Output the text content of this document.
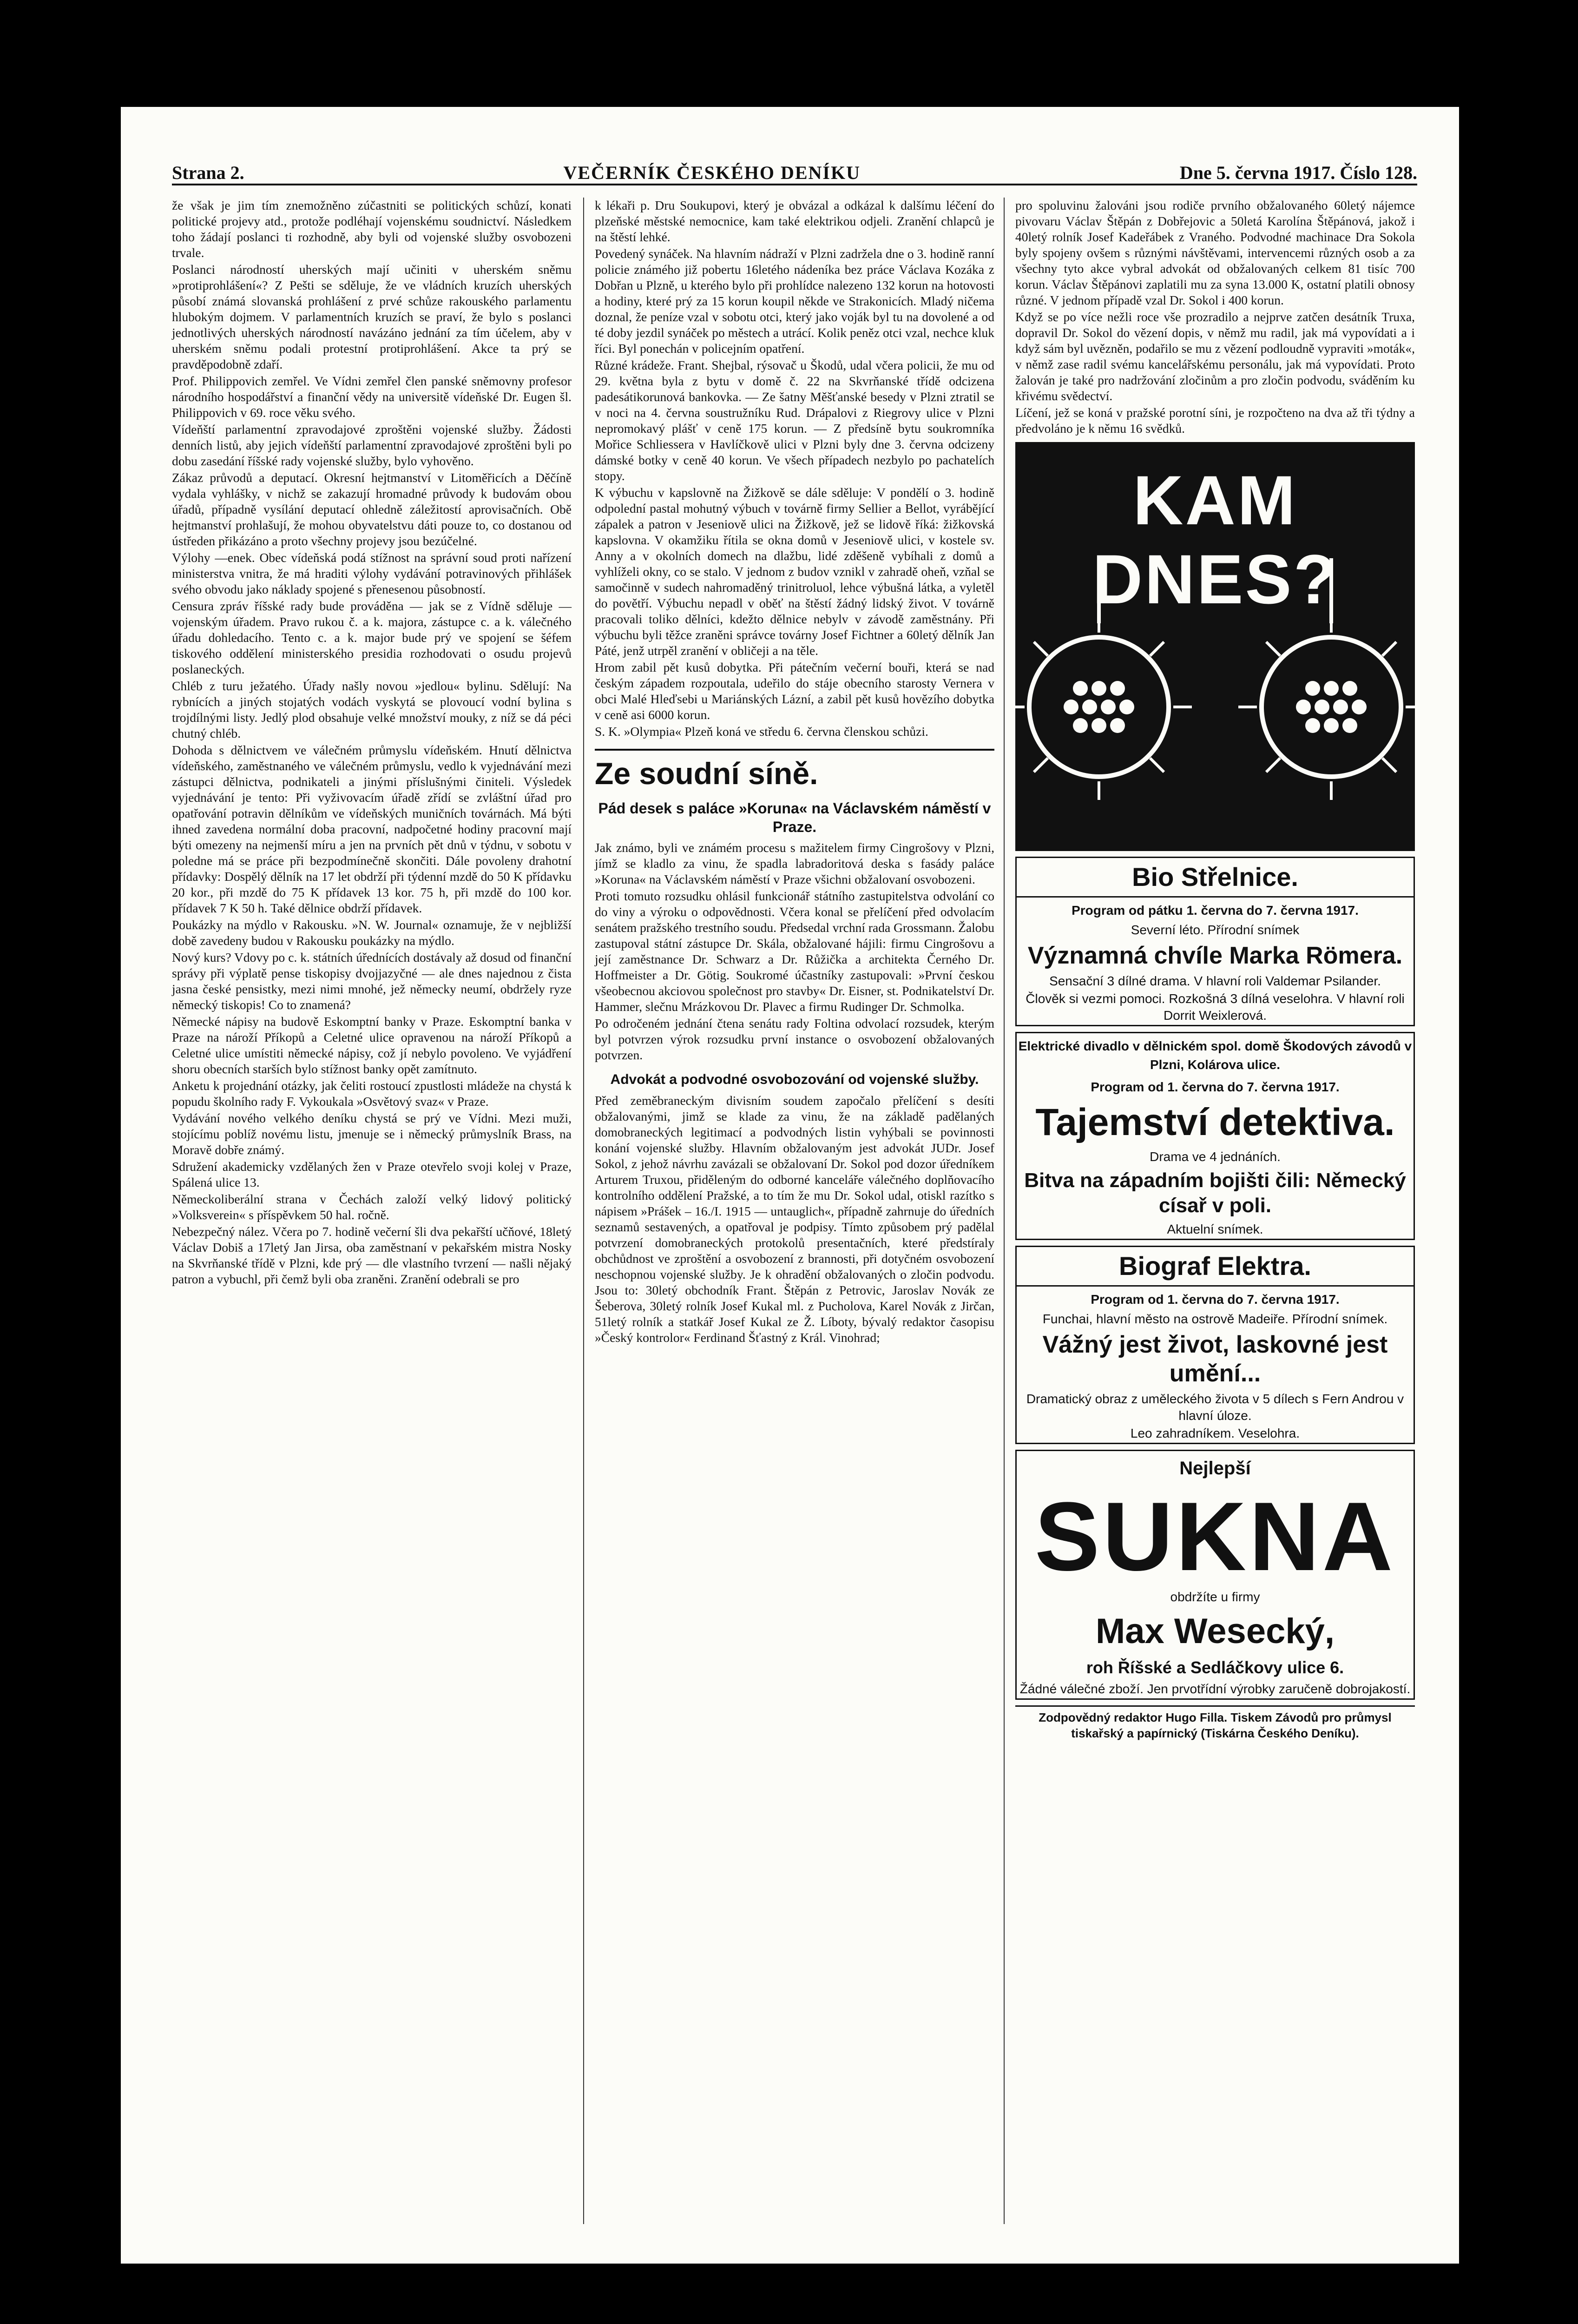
Strana 2.	VEČERNÍK ČESKÉHO DENÍKU	Dne 5. června 1917. Číslo 128.

že však je jim tím znemožněno zúčastniti se politických schůzí, konati politické projevy atd., protože podléhají vojenskému soudnictví. Následkem toho žádají poslanci ti rozhodně, aby byli od vojenské služby osvobozeni trvale.

Poslanci národností uherských mají učiniti v uherském sněmu »protiprohlášení«? Z Pešti se sděluje, že ve vládních kruzích uherských působí známá slovanská prohlášení z prvé schůze rakouského parlamentu hlubokým dojmem. V parlamentních kruzích se praví, že bylo s poslanci jednotlivých uherských národností navázáno jednání za tím účelem, aby v uherském sněmu podali protestní protiprohlášení. Akce ta prý se pravděpodobně zdaří.

Prof. Philippovich zemřel. Ve Vídni zemřel člen panské sněmovny profesor národního hospodářství a finanční vědy na universitě vídeňské Dr. Eugen šl. Philippovich v 69. roce věku svého.

Vídeňští parlamentní zpravodajové zproštěni vojenské služby. Žádosti denních listů, aby jejich vídeňští parlamentní zpravodajové zproštěni byli po dobu zasedání říšské rady vojenské služby, bylo vyhověno.

Zákaz průvodů a deputací. Okresní hejtmanství v Litoměřicích a Děčíně vydala vyhlášky, v nichž se zakazují hromadné průvody k budovám obou úřadů, případně vysílání deputací ohledně záležitostí aprovisačních. Obě hejtmanství prohlašují, že mohou obyvatelstvu dáti pouze to, co dostanou od ústředen přikázáno a proto všechny projevy jsou bezúčelné.

Výlohy —enek. Obec vídeňská podá stížnost na správní soud proti nařízení ministerstva vnitra, že má hraditi výlohy vydávání potravinových přihlášek svého obvodu jako náklady spojené s přenesenou působností.

Censura zpráv říšské rady bude prováděna — jak se z Vídně sděluje — vojenským úřadem. Pravo rukou č. a k. majora, zástupce c. a k. válečného úřadu dohledacího. Tento c. a k. major bude prý ve spojení se šéfem tiskového oddělení ministerského presidia rozhodovati o osudu projevů poslaneckých.

Chléb z turu ježatého. Úřady našly novou »jedlou« bylinu. Sdělují: Na rybnících a jiných stojatých vodách vyskytá se plovoucí vodní bylina s trojdílnými listy. Jedlý plod obsahuje velké množství mouky, z níž se dá péci chutný chléb.

Dohoda s dělnictvem ve válečném průmyslu vídeňském. Hnutí dělnictva vídeňského, zaměstnaného ve válečném průmyslu, vedlo k vyjednávání mezi zástupci dělnictva, podnikateli a jinými příslušnými činiteli. Výsledek vyjednávání je tento: Při vyživovacím úřadě zřídí se zvláštní úřad pro opatřování potravin dělníkům ve vídeňských muničních továrnách. Má býti ihned zavedena normální doba pracovní, nadpočetné hodiny pracovní mají býti omezeny na nejmenší míru a jen na prvních pět dnů v týdnu, v sobotu v poledne má se práce při bezpodmínečně skončiti. Dále povoleny drahotní přídavky: Dospělý dělník na 17 let obdrží při týdenní mzdě do 50 K přídavku 20 kor., při mzdě do 75 K přídavek 13 kor. 75 h, při mzdě do 100 kor. přídavek 7 K 50 h. Také dělnice obdrží přídavek.

Poukázky na mýdlo v Rakousku. »N. W. Journal« oznamuje, že v nejbližší době zavedeny budou v Rakousku poukázky na mýdlo.

Nový kurs? Vdovy po c. k. státních úřednících dostávaly až dosud od finanční správy při výplatě pense tiskopisy dvojjazyčné — ale dnes najednou z čista jasna české pensistky, mezi nimi mnohé, jež německy neumí, obdržely ryze německý tiskopis! Co to znamená?

Německé nápisy na budově Eskomptní banky v Praze. Eskomptní banka v Praze na nároží Příkopů a Celetné ulice opravenou na nároží Příkopů a Celetné ulice umístiti německé nápisy, což jí nebylo povoleno. Ve vyjádření shoru obecních starších bylo stížnost banky opět zamítnuto.

Anketu k projednání otázky, jak čeliti rostoucí zpustlosti mládeže na chystá k popudu školního rady F. Vykoukala »Osvětový svaz« v Praze.

Vydávání nového velkého deníku chystá se prý ve Vídni. Mezi muži, stojícímu poblíž novému listu, jmenuje se i německý průmyslník Brass, na Moravě dobře známý.

Sdružení akademicky vzdělaných žen v Praze otevřelo svoji kolej v Praze, Spálená ulice 13.

Německoliberální strana v Čechách založí velký lidový politický »Volksverein« s příspěvkem 50 hal. ročně.

Nebezpečný nález. Včera po 7. hodině večerní šli dva pekařští učňové, 18letý Václav Dobiš a 17letý Jan Jirsa, oba zaměstnaní v pekařském mistra Nosky na Skvrňanské třídě v Plzni, kde prý — dle vlastního tvrzení — našli nějaký patron a vybuchl, při čemž byli oba zraněni. Zranění odebrali se pro

k lékaři p. Dru Soukupovi, který je obvázal a odkázal k dalšímu léčení do plzeňské městské nemocnice, kam také elektrikou odjeli. Zranění chlapců je na štěstí lehké.

Povedený synáček. Na hlavním nádraží v Plzni zadržela dne o 3. hodině ranní policie známého již pobertu 16letého nádeníka bez práce Václava Kozáka z Dobřan u Plzně, u kterého bylo při prohlídce nalezeno 132 korun na hotovosti a hodiny, které prý za 15 korun koupil někde ve Strakonicích. Mladý ničema doznal, že peníze vzal v sobotu otci, který jako voják byl tu na dovolené a od té doby jezdil synáček po městech a utrácí. Kolik peněz otci vzal, nechce kluk říci. Byl ponechán v policejním opatření.

Různé krádeže. Frant. Shejbal, rýsovač u Škodů, udal včera policii, že mu od 29. května byla z bytu v domě č. 22 na Skvrňanské třídě odcizena padesátikorunová bankovka. — Ze šatny Měšťanské besedy v Plzni ztratil se v noci na 4. června soustružníku Rud. Drápalovi z Riegrovy ulice v Plzni nepromokavý plášť v ceně 175 korun. — Z předsíně bytu soukromníka Mořice Schliessera v Havlíčkově ulici v Plzni byly dne 3. června odcizeny dámské botky v ceně 40 korun. Ve všech případech nezbylo po pachatelích stopy.

K výbuchu v kapslovně na Žižkově se dále sděluje: V pondělí o 3. hodině odpolední pastal mohutný výbuch v továrně firmy Sellier a Bellot, vyrábějící zápalek a patron v Jeseniově ulici na Žižkově, jež se lidově říká: žižkovská kapslovna. V okamžiku řítila se okna domů v Jeseniově ulici, v kostele sv. Anny a v okolních domech na dlažbu, lidé zděšeně vybíhali z domů a vyhlíželi okny, co se stalo. V jednom z budov vznikl v zahradě oheň, vzňal se samočinně v sudech nahromaděný trinitroluol, lehce výbušná látka, a vyletěl do povětří. Výbuchu nepadl v oběť na štěstí žádný lidský život. V továrně pracovali toliko dělníci, kdežto dělnice nebylv v závodě zaměstnány. Při výbuchu byli těžce zraněni správce továrny Josef Fichtner a 60letý dělník Jan Páté, jenž utrpěl zranění v obličeji a na těle.

Hrom zabil pět kusů dobytka. Při pátečním večerní bouři, která se nad českým západem rozpoutala, udeřilo do stáje obecního starosty Vernera v obci Malé Hleďsebi u Mariánských Lázní, a zabil pět kusů hovězího dobytka v ceně asi 6000 korun.

S. K. »Olympia« Plzeň koná ve středu 6. června členskou schůzi.

Ze soudní síně.
Pád desek s paláce »Koruna« na Václavském náměstí v Praze.

Jak známo, byli ve známém procesu s mažitelem firmy Cingrošovy v Plzni, jímž se kladlo za vinu, že spadla labradoritová deska s fasády paláce »Koruna« na Václavském náměstí v Praze všichni obžalovaní osvobozeni.

Proti tomuto rozsudku ohlásil funkcionář státního zastupitelstva odvolání co do viny a výroku o odpovědnosti. Včera konal se přelíčení před odvolacím senátem pražského trestního soudu. Předsedal vrchní rada Grossmann. Žalobu zastupoval státní zástupce Dr. Skála, obžalované hájili: firmu Cingrošovu a její zaměstnance Dr. Schwarz a Dr. Růžička a architekta Černého Dr. Hoffmeister a Dr. Götig. Soukromé účastníky zastupovali: »První českou všeobecnou akciovou společnost pro stavby« Dr. Eisner, st. Podnikatelství Dr. Hammer, slečnu Mrázkovou Dr. Plavec a firmu Rudinger Dr. Schmolka.

Po odročeném jednání čtena senátu rady Foltina odvolací rozsudek, kterým byl potvrzen výrok rozsudku první instance o osvobození obžalovaných potvrzen.

Advokát a podvodné osvobozování od vojenské služby.

Před zeměbraneckým divisním soudem započalo přelíčení s desíti obžalovanými, jimž se klade za vinu, že na základě padělaných domobraneckých legitimací a podvodných listin vyhýbali se povinnosti konání vojenské služby. Hlavním obžalovaným jest advokát JUDr. Josef Sokol, z jehož návrhu zavázali se obžalovaní Dr. Sokol pod dozor úředníkem Arturem Truxou, přiděleným do odborné kanceláře válečného doplňovacího kontrolního oddělení Pražské, a to tím že mu Dr. Sokol udal, otiskl razítko s nápisem »Prášek – 16./I. 1915 — untauglich«, případně zahrnuje do úředních seznamů sestavených, a opatřoval je podpisy. Tímto způsobem prý padělal potvrzení domobraneckých protokolů presentačních, které předstíraly obchůdnost ve zproštění a osvobození z brannosti, při dotyčném osvobození neschopnou vojenské služby. Je k ohradění obžalovaných o zločin podvodu. Jsou to: 30letý obchodník Frant. Štěpán z Petrovic, Jaroslav Novák ze Šeberova, 30letý rolník Josef Kukal ml. z Pucholova, Karel Novák z Jirčan, 51letý rolník a statkář Josef Kukal ze Ž. Líboty, bývalý redaktor časopisu »Český kontrolor« Ferdinand Šťastný z Král. Vinohrad;

pro spoluvinu žalováni jsou rodiče prvního obžalovaného 60letý nájemce pivovaru Václav Štěpán z Dobřejovic a 50letá Karolína Štěpánová, jakož i 40letý rolník Josef Kadeřábek z Vraného. Podvodné machinace Dra Sokola byly spojeny ovšem s různými návštěvami, intervencemi různých osob a za všechny tyto akce vybral advokát od obžalovaných celkem 81 tisíc 700 korun. Václav Štěpánovi zaplatili mu za syna 13.000 K, ostatní platili obnosy různé. V jednom případě vzal Dr. Sokol i 400 korun.

Když se po více nežli roce vše prozradilo a nejprve zatčen desátník Truxa, dopravil Dr. Sokol do vězení dopis, v němž mu radil, jak má vypovídati a i když sám byl uvězněn, podařilo se mu z vězení podloudně vypraviti »moták«, v němž zase radil svému kancelářskému personálu, jak má vypovídati. Proto žalován je také pro nadržování zločinům a pro zločin podvodu, sváděním ku křivému svědectví.

Líčení, jež se koná v pražské porotní síni, je rozpočteno na dva až tři týdny a předvoláno je k němu 16 svědků.

KAM DNES?
Bio Střelnice.
Program od pátku 1. června do 7. června 1917.
Severní léto. Přírodní snímek
Významná chvíle Marka Römera.
Sensační 3 dílné drama. V hlavní roli Valdemar Psilander.
Člověk si vezmi pomoci. Rozkošná 3 dílná veselohra. V hlavní roli Dorrit Weixlerová.
Elektrické divadlo v dělnickém spol. domě Škodových závodů v Plzni, Kolárova ulice.
Program od 1. června do 7. června 1917.
Tajemství detektiva.
Drama ve 4 jednáních.
Bitva na západním bojišti čili: Německý císař v poli.
Aktuelní snímek.
Biograf Elektra.
Program od 1. června do 7. června 1917.
Funchai, hlavní město na ostrově Madeiře. Přírodní snímek.
Vážný jest život, laskovné jest umění...
Dramatický obraz z uměleckého života v 5 dílech s Fern Androu v hlavní úloze.
Leo zahradníkem. Veselohra.
Nejlepší
SUKNA
obdržíte u firmy
Max Wesecký,
roh Říšské a Sedláčkovy ulice 6.
Žádné válečné zboží. Jen prvotřídní výrobky zaručeně dobrojakostí.
Zodpovědný redaktor Hugo Filla. Tiskem Závodů pro průmysl tiskařský a papírnický (Tiskárna Českého Deníku).
